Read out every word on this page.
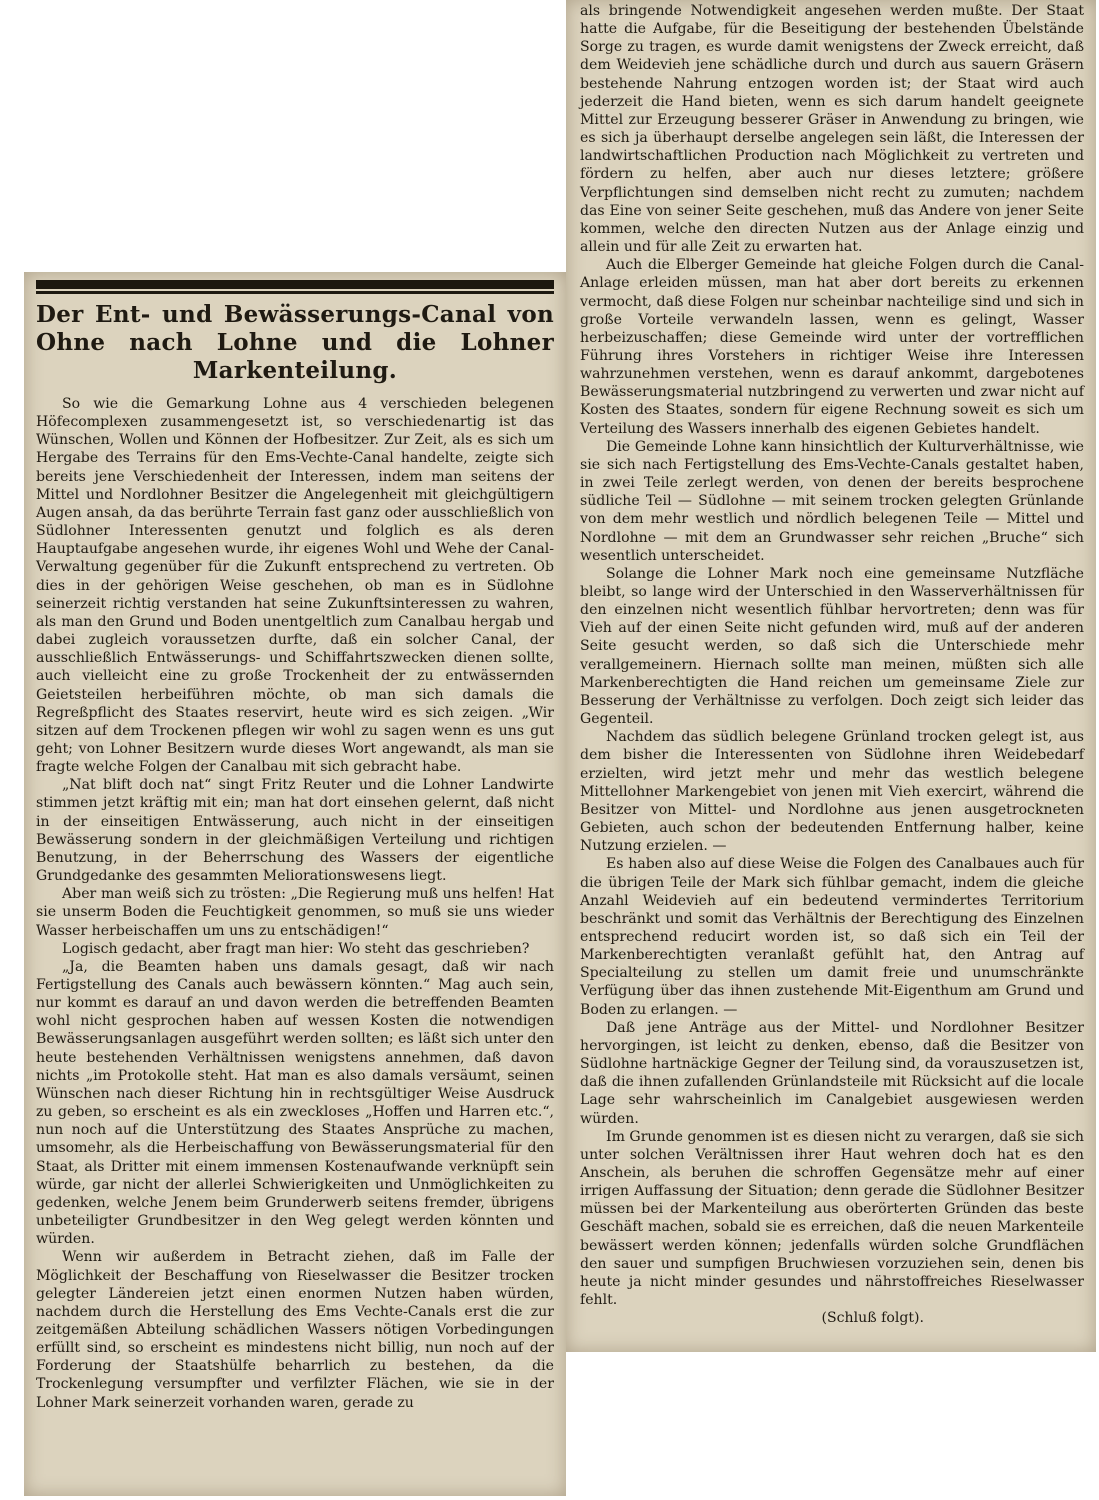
Der Ent- und Bewässerungs-Canal von Ohne nach Lohne und die Lohner Markenteilung.

So wie die Gemarkung Lohne aus 4 verschieden belegenen Höfecomplexen zusammengesetzt ist, so verschiedenartig ist das Wünschen, Wollen und Können der Hofbesitzer. Zur Zeit, als es sich um Hergabe des Terrains für den Ems-Vechte-Canal handelte, zeigte sich bereits jene Verschiedenheit der Interessen, indem man seitens der Mittel und Nordlohner Besitzer die Angelegenheit mit gleichgültigern Augen ansah, da das berührte Terrain fast ganz oder ausschließlich von Südlohner Interessenten genutzt und folglich es als deren Hauptaufgabe angesehen wurde, ihr eigenes Wohl und Wehe der Canal-Verwaltung gegenüber für die Zukunft entsprechend zu vertreten. Ob dies in der gehörigen Weise geschehen, ob man es in Südlohne seinerzeit richtig verstanden hat seine Zukunftsinteressen zu wahren, als man den Grund und Boden unentgeltlich zum Canalbau hergab und dabei zugleich voraussetzen durfte, daß ein solcher Canal, der ausschließlich Entwässerungs- und Schiffahrtszwecken dienen sollte, auch vielleicht eine zu große Trockenheit der zu entwässernden Geietsteilen herbeiführen möchte, ob man sich damals die Regreßpflicht des Staates reservirt, heute wird es sich zeigen. „Wir sitzen auf dem Trockenen pflegen wir wohl zu sagen wenn es uns gut geht; von Lohner Besitzern wurde dieses Wort angewandt, als man sie fragte welche Folgen der Canalbau mit sich gebracht habe.

„Nat blift doch nat“ singt Fritz Reuter und die Lohner Landwirte stimmen jetzt kräftig mit ein; man hat dort einsehen gelernt, daß nicht in der einseitigen Entwässerung, auch nicht in der einseitigen Bewässerung sondern in der gleichmäßigen Verteilung und richtigen Benutzung, in der Beherrschung des Wassers der eigentliche Grundgedanke des gesammten Meliorationswesens liegt.

Aber man weiß sich zu trösten: „Die Regierung muß uns helfen! Hat sie unserm Boden die Feuchtigkeit genommen, so muß sie uns wieder Wasser herbeischaffen um uns zu entschädigen!“

Logisch gedacht, aber fragt man hier: Wo steht das geschrieben?

„Ja, die Beamten haben uns damals gesagt, daß wir nach Fertigstellung des Canals auch bewässern könnten.“ Mag auch sein, nur kommt es darauf an und davon werden die betreffenden Beamten wohl nicht gesprochen haben auf wessen Kosten die notwendigen Bewässerungsanlagen ausgeführt werden sollten; es läßt sich unter den heute bestehenden Verhältnissen wenigstens annehmen, daß davon nichts „im Protokolle steht. Hat man es also damals versäumt, seinen Wünschen nach dieser Richtung hin in rechtsgültiger Weise Ausdruck zu geben, so erscheint es als ein zweckloses „Hoffen und Harren etc.“, nun noch auf die Unterstützung des Staates Ansprüche zu machen, umsomehr, als die Herbeischaffung von Bewässerungsmaterial für den Staat, als Dritter mit einem immensen Kostenaufwande verknüpft sein würde, gar nicht der allerlei Schwierigkeiten und Unmöglichkeiten zu gedenken, welche Jenem beim Grunderwerb seitens fremder, übrigens unbeteiligter Grundbesitzer in den Weg gelegt werden könnten und würden.

Wenn wir außerdem in Betracht ziehen, daß im Falle der Möglichkeit der Beschaffung von Rieselwasser die Besitzer trocken gelegter Ländereien jetzt einen enormen Nutzen haben würden, nachdem durch die Herstellung des Ems Vechte-Canals erst die zur zeitgemäßen Abteilung schädlichen Wassers nötigen Vorbedingungen erfüllt sind, so erscheint es mindestens nicht billig, nun noch auf der Forderung der Staatshülfe beharrlich zu bestehen, da die Trockenlegung versumpfter und verfilzter Flächen, wie sie in der Lohner Mark seinerzeit vorhanden waren, gerade zu

als bringende Notwendigkeit angesehen werden mußte. Der Staat hatte die Aufgabe, für die Beseitigung der bestehenden Übelstände Sorge zu tragen, es wurde damit wenigstens der Zweck erreicht, daß dem Weidevieh jene schädliche durch und durch aus sauern Gräsern bestehende Nahrung entzogen worden ist; der Staat wird auch jederzeit die Hand bieten, wenn es sich darum handelt geeignete Mittel zur Erzeugung besserer Gräser in Anwendung zu bringen, wie es sich ja überhaupt derselbe angelegen sein läßt, die Interessen der landwirtschaftlichen Production nach Möglichkeit zu vertreten und fördern zu helfen, aber auch nur dieses letztere; größere Verpflichtungen sind demselben nicht recht zu zumuten; nachdem das Eine von seiner Seite geschehen, muß das Andere von jener Seite kommen, welche den directen Nutzen aus der Anlage einzig und allein und für alle Zeit zu erwarten hat.

Auch die Elberger Gemeinde hat gleiche Folgen durch die Canal-Anlage erleiden müssen, man hat aber dort bereits zu erkennen vermocht, daß diese Folgen nur scheinbar nachteilige sind und sich in große Vorteile verwandeln lassen, wenn es gelingt, Wasser herbeizuschaffen; diese Gemeinde wird unter der vortrefflichen Führung ihres Vorstehers in richtiger Weise ihre Interessen wahrzunehmen verstehen, wenn es darauf ankommt, dargebotenes Bewässerungsmaterial nutzbringend zu verwerten und zwar nicht auf Kosten des Staates, sondern für eigene Rechnung soweit es sich um Verteilung des Wassers innerhalb des eigenen Gebietes handelt.

Die Gemeinde Lohne kann hinsichtlich der Kulturverhältnisse, wie sie sich nach Fertigstellung des Ems-Vechte-Canals gestaltet haben, in zwei Teile zerlegt werden, von denen der bereits besprochene südliche Teil — Südlohne — mit seinem trocken gelegten Grünlande von dem mehr westlich und nördlich belegenen Teile — Mittel und Nordlohne — mit dem an Grundwasser sehr reichen „Bruche“ sich wesentlich unterscheidet.

Solange die Lohner Mark noch eine gemeinsame Nutzfläche bleibt, so lange wird der Unterschied in den Wasserverhältnissen für den einzelnen nicht wesentlich fühlbar hervortreten; denn was für Vieh auf der einen Seite nicht gefunden wird, muß auf der anderen Seite gesucht werden, so daß sich die Unterschiede mehr verallgemeinern. Hiernach sollte man meinen, müßten sich alle Markenberechtigten die Hand reichen um gemeinsame Ziele zur Besserung der Verhältnisse zu verfolgen. Doch zeigt sich leider das Gegenteil.

Nachdem das südlich belegene Grünland trocken gelegt ist, aus dem bisher die Interessenten von Südlohne ihren Weidebedarf erzielten, wird jetzt mehr und mehr das westlich belegene Mittellohner Markengebiet von jenen mit Vieh exercirt, während die Besitzer von Mittel- und Nordlohne aus jenen ausgetrockneten Gebieten, auch schon der bedeutenden Entfernung halber, keine Nutzung erzielen. —

Es haben also auf diese Weise die Folgen des Canalbaues auch für die übrigen Teile der Mark sich fühlbar gemacht, indem die gleiche Anzahl Weidevieh auf ein bedeutend vermindertes Territorium beschränkt und somit das Verhältnis der Berechtigung des Einzelnen entsprechend reducirt worden ist, so daß sich ein Teil der Markenberechtigten veranlaßt gefühlt hat, den Antrag auf Specialteilung zu stellen um damit freie und unumschränkte Verfügung über das ihnen zustehende Mit-Eigenthum am Grund und Boden zu erlangen. —

Daß jene Anträge aus der Mittel- und Nordlohner Besitzer hervorgingen, ist leicht zu denken, ebenso, daß die Besitzer von Südlohne hartnäckige Gegner der Teilung sind, da vorauszusetzen ist, daß die ihnen zufallenden Grünlandsteile mit Rücksicht auf die locale Lage sehr wahrscheinlich im Canalgebiet ausgewiesen werden würden.

Im Grunde genommen ist es diesen nicht zu verargen, daß sie sich unter solchen Verältnissen ihrer Haut wehren doch hat es den Anschein, als beruhen die schroffen Gegensätze mehr auf einer irrigen Auffassung der Situation; denn gerade die Südlohner Besitzer müssen bei der Markenteilung aus oberörterten Gründen das beste Geschäft machen, sobald sie es erreichen, daß die neuen Markenteile bewässert werden können; jedenfalls würden solche Grundflächen den sauer und sumpfigen Bruchwiesen vorzuziehen sein, denen bis heute ja nicht minder gesundes und nährstoffreiches Rieselwasser fehlt.

(Schluß folgt).
